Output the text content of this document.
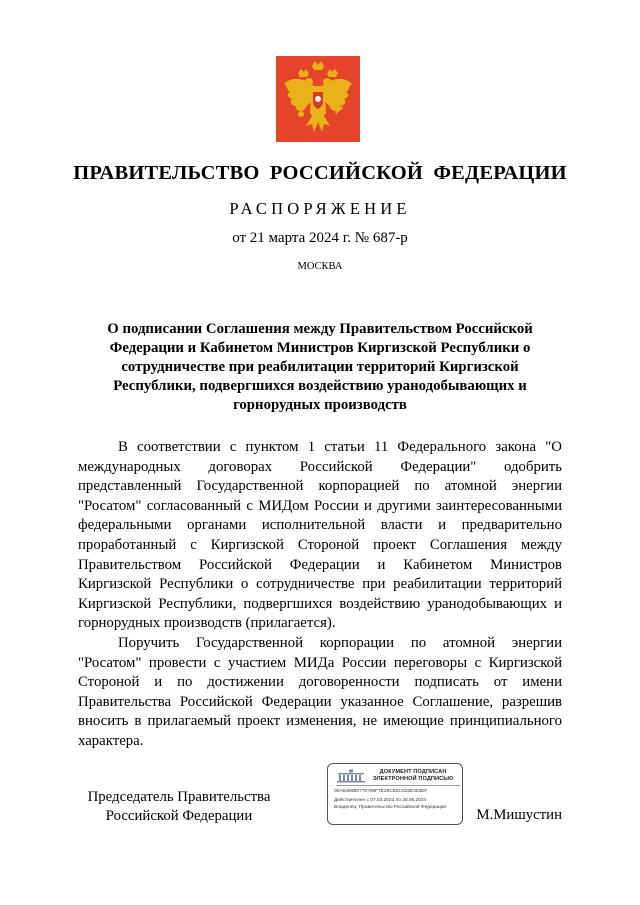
ПРАВИТЕЛЬСТВО РОССИЙСКОЙ ФЕДЕРАЦИИ
РАСПОРЯЖЕНИЕ
от 21 марта 2024 г. № 687-р
МОСКВА
О подписании Соглашения между Правительством Российской Федерации и Кабинетом Министров Киргизской Республики о сотрудничестве при реабилитации территорий Киргизской Республики, подвергшихся воздействию уранодобывающих и горнорудных производств

В соответствии с пунктом 1 статьи 11 Федерального закона "О международных договорах Российской Федерации" одобрить представленный Государственной корпорацией по атомной энергии "Росатом" согласованный с МИДом России и другими заинтересованными федеральными органами исполнительной власти и предварительно проработанный с Киргизской Стороной проект Соглашения между Правительством Российской Федерации и Кабинетом Министров Киргизской Республики о сотрудничестве при реабилитации территорий Киргизской Республики, подвергшихся воздействию уранодобывающих и горнорудных производств (прилагается).

Поручить Государственной корпорации по атомной энергии "Росатом" провести с участием МИДа России переговоры с Киргизской Стороной и по достижении договоренности подписать от имени Правительства Российской Федерации указанное Соглашение, разрешив вносить в прилагаемый проект изменения, не имеющие принципиального характера.

Председатель Правительства
Российской Федерации
ДОКУМЕНТ ПОДПИСАН
ЭЛЕКТРОННОЙ ПОДПИСЬЮ
00A5490B0??6?09F7E29CB2C916E403EF
Действителен с 07.03.2023 по 30.05.2024
Владелец: Правительство Российской Федерации	М.Мишустин
